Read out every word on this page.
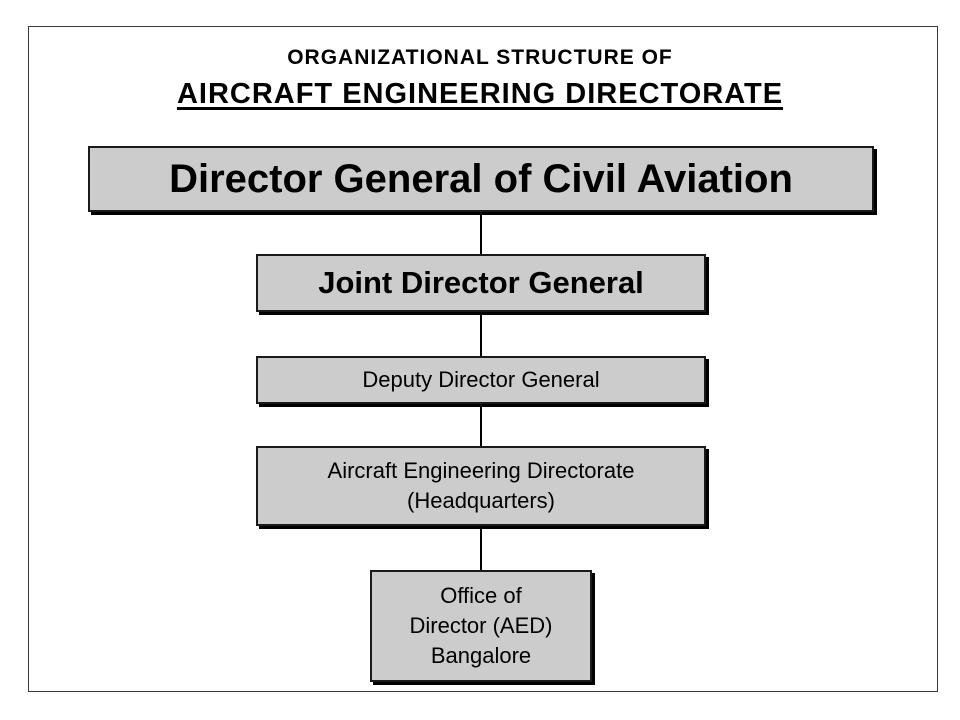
ORGANIZATIONAL STRUCTURE OF
AIRCRAFT ENGINEERING DIRECTORATE
Director General of Civil Aviation
Joint Director General
Deputy Director General
Aircraft Engineering Directorate
(Headquarters)
Office of
Director (AED)
Bangalore
